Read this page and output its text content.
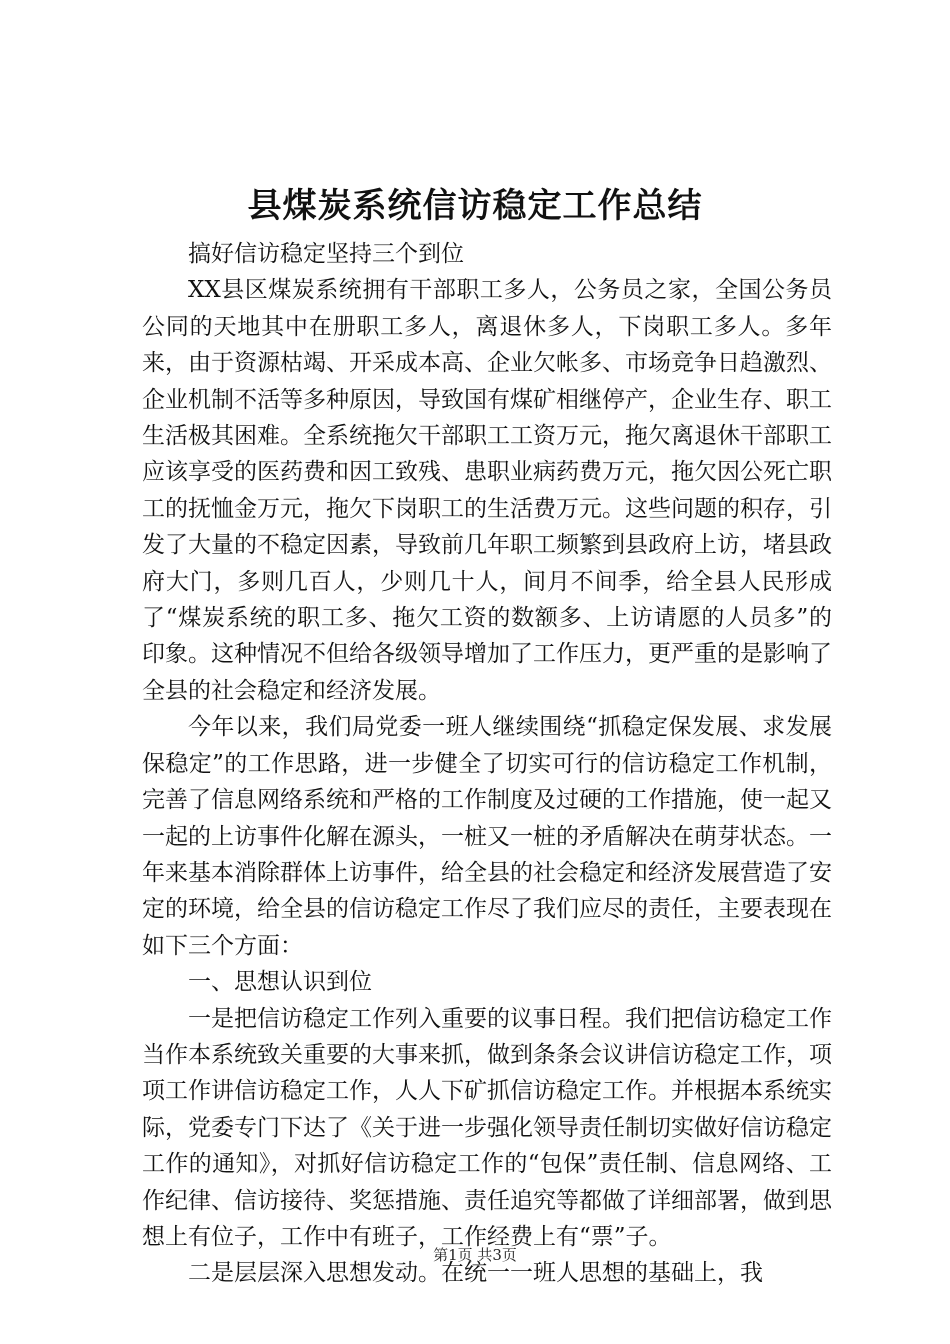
县煤炭系统信访稳定工作总结

搞好信访稳定坚持三个到位

XX县区煤炭系统拥有干部职工多人，公务员之家，全国公务员公同的天地其中在册职工多人，离退休多人，下岗职工多人。多年来，由于资源枯竭、开采成本高、企业欠帐多、市场竞争日趋激烈、企业机制不活等多种原因，导致国有煤矿相继停产，企业生存、职工生活极其困难。全系统拖欠干部职工工资万元，拖欠离退休干部职工应该享受的医药费和因工致残、患职业病药费万元，拖欠因公死亡职工的抚恤金万元，拖欠下岗职工的生活费万元。这些问题的积存，引发了大量的不稳定因素，导致前几年职工频繁到县政府上访，堵县政府大门，多则几百人，少则几十人，间月不间季，给全县人民形成了“煤炭系统的职工多、拖欠工资的数额多、上访请愿的人员多”的印象。这种情况不但给各级领导增加了工作压力，更严重的是影响了全县的社会稳定和经济发展。

今年以来，我们局党委一班人继续围绕“抓稳定保发展、求发展保稳定”的工作思路，进一步健全了切实可行的信访稳定工作机制，完善了信息网络系统和严格的工作制度及过硬的工作措施，使一起又一起的上访事件化解在源头，一桩又一桩的矛盾解决在萌芽状态。一年来基本消除群体上访事件，给全县的社会稳定和经济发展营造了安定的环境，给全县的信访稳定工作尽了我们应尽的责任，主要表现在如下三个方面：

一、思想认识到位

一是把信访稳定工作列入重要的议事日程。我们把信访稳定工作当作本系统致关重要的大事来抓，做到条条会议讲信访稳定工作，项项工作讲信访稳定工作，人人下矿抓信访稳定工作。并根据本系统实际，党委专门下达了《关于进一步强化领导责任制切实做好信访稳定工作的通知》，对抓好信访稳定工作的“包保”责任制、信息网络、工作纪律、信访接待、奖惩措施、责任追究等都做了详细部署，做到思想上有位子，工作中有班子，工作经费上有“票”子。

二是层层深入思想发动。在统一一班人思想的基础上，我

第1页 共3页
